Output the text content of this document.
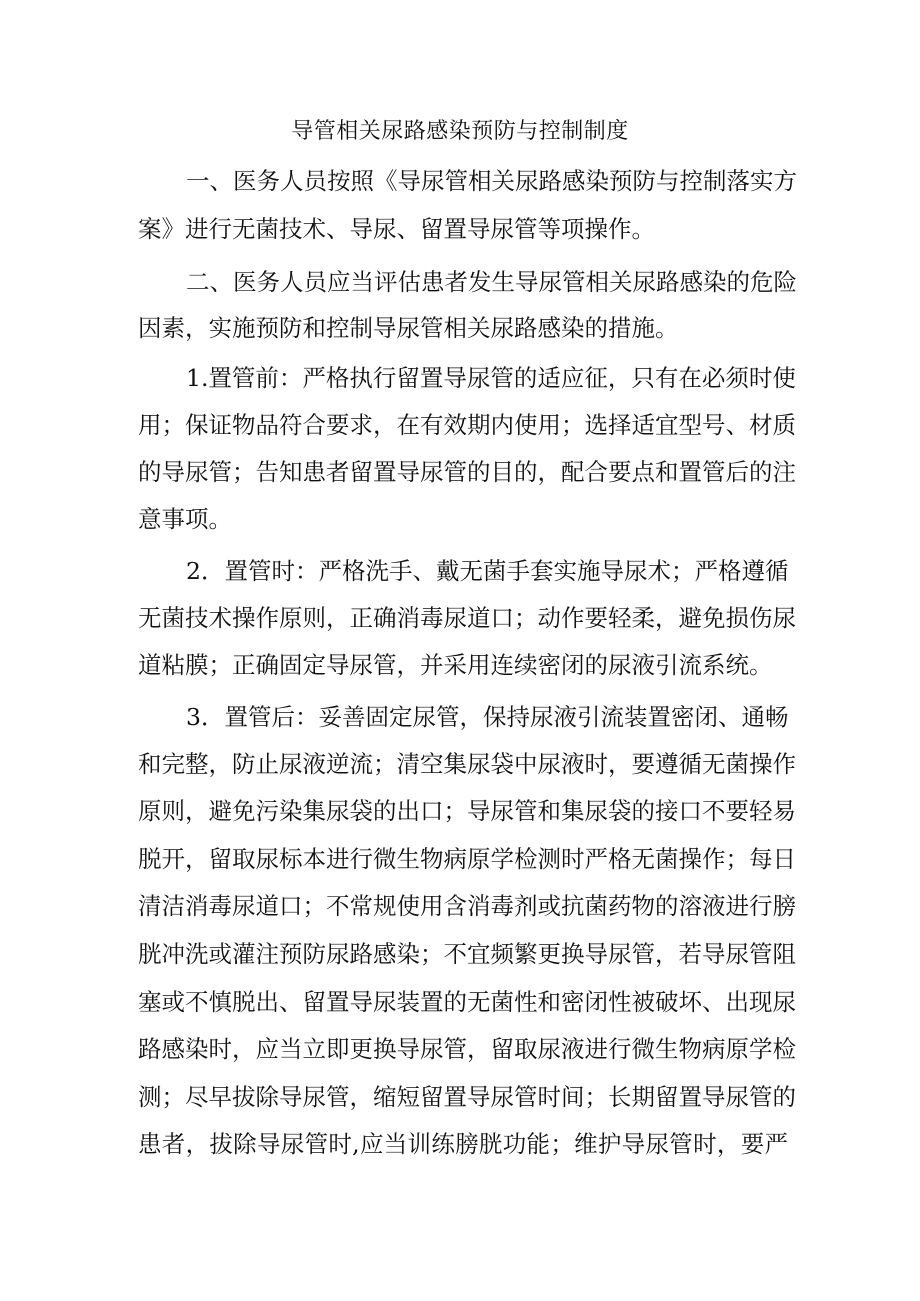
导管相关尿路感染预防与控制制度
一、医务人员按照《导尿管相关尿路感染预防与控制落实方
案》进行无菌技术、导尿、留置导尿管等项操作。
二、医务人员应当评估患者发生导尿管相关尿路感染的危险
因素，实施预防和控制导尿管相关尿路感染的措施。
1.置管前：严格执行留置导尿管的适应征，只有在必须时使
用；保证物品符合要求，在有效期内使用；选择适宜型号、材质
的导尿管；告知患者留置导尿管的目的，配合要点和置管后的注
意事项。
2．置管时：严格洗手、戴无菌手套实施导尿术；严格遵循
无菌技术操作原则，正确消毒尿道口；动作要轻柔，避免损伤尿
道粘膜；正确固定导尿管，并采用连续密闭的尿液引流系统。
3．置管后：妥善固定尿管，保持尿液引流装置密闭、通畅
和完整，防止尿液逆流；清空集尿袋中尿液时，要遵循无菌操作
原则，避免污染集尿袋的出口；导尿管和集尿袋的接口不要轻易
脱开，留取尿标本进行微生物病原学检测时严格无菌操作；每日
清洁消毒尿道口；不常规使用含消毒剂或抗菌药物的溶液进行膀
胱冲洗或灌注预防尿路感染；不宜频繁更换导尿管，若导尿管阻
塞或不慎脱出、留置导尿装置的无菌性和密闭性被破坏、出现尿
路感染时，应当立即更换导尿管，留取尿液进行微生物病原学检
测；尽早拔除导尿管，缩短留置导尿管时间；长期留置导尿管的
患者，拔除导尿管时,应当训练膀胱功能；维护导尿管时，要严
